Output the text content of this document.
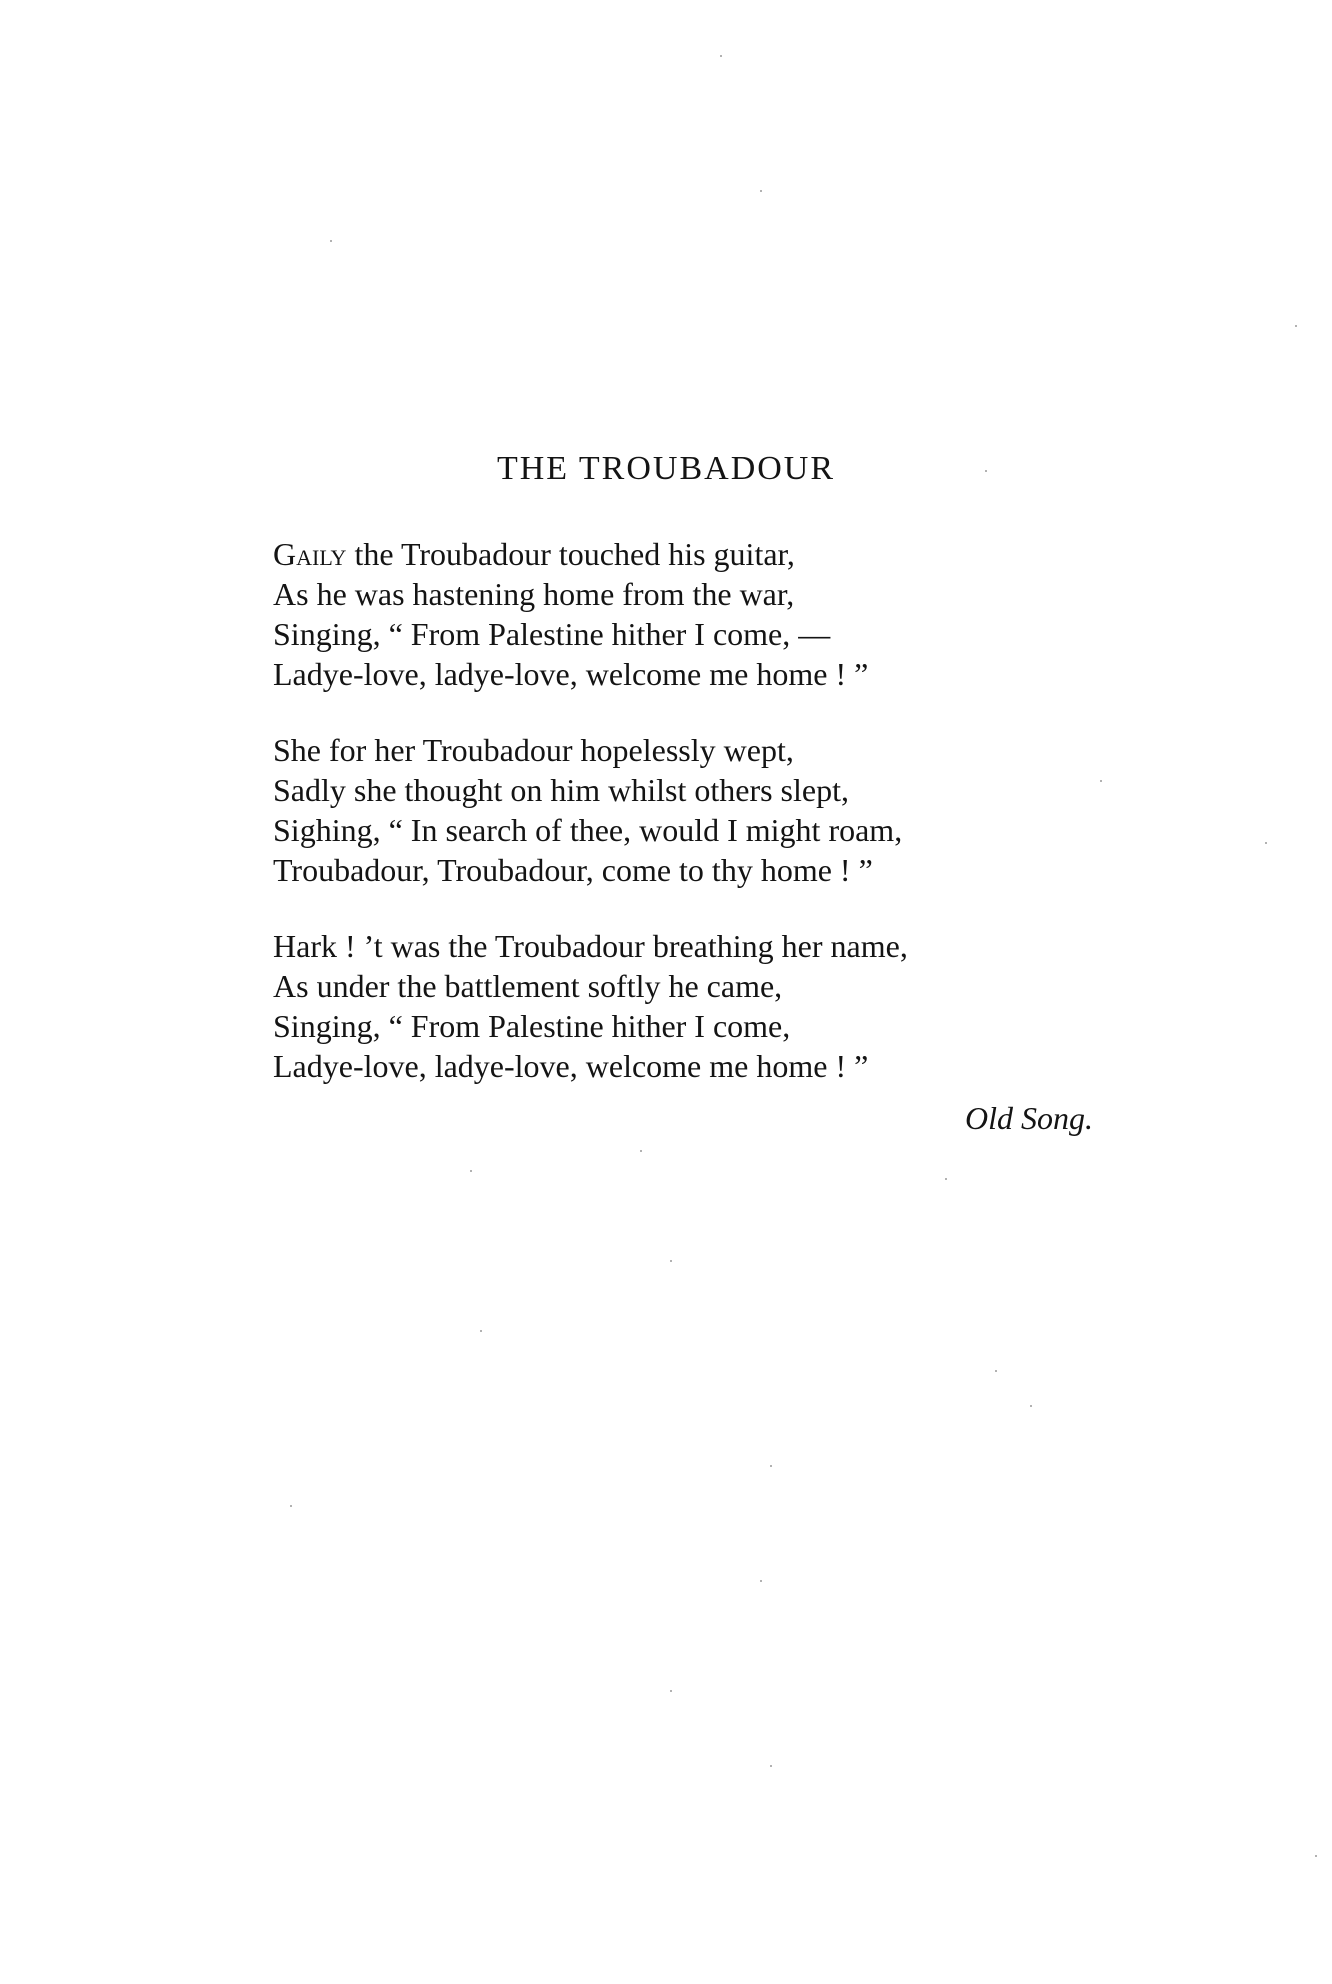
THE TROUBADOUR
Gaily the Troubadour touched his guitar,
As he was hastening home from the war,
Singing, “ From Palestine hither I come, —
Ladye-love, ladye-love, welcome me home ! ”
She for her Troubadour hopelessly wept,
Sadly she thought on him whilst others slept,
Sighing, “ In search of thee, would I might roam,
Troubadour, Troubadour, come to thy home ! ”
Hark ! ’t was the Troubadour breathing her name,
As under the battlement softly he came,
Singing, “ From Palestine hither I come,
Ladye-love, ladye-love, welcome me home ! ”
Old Song.
